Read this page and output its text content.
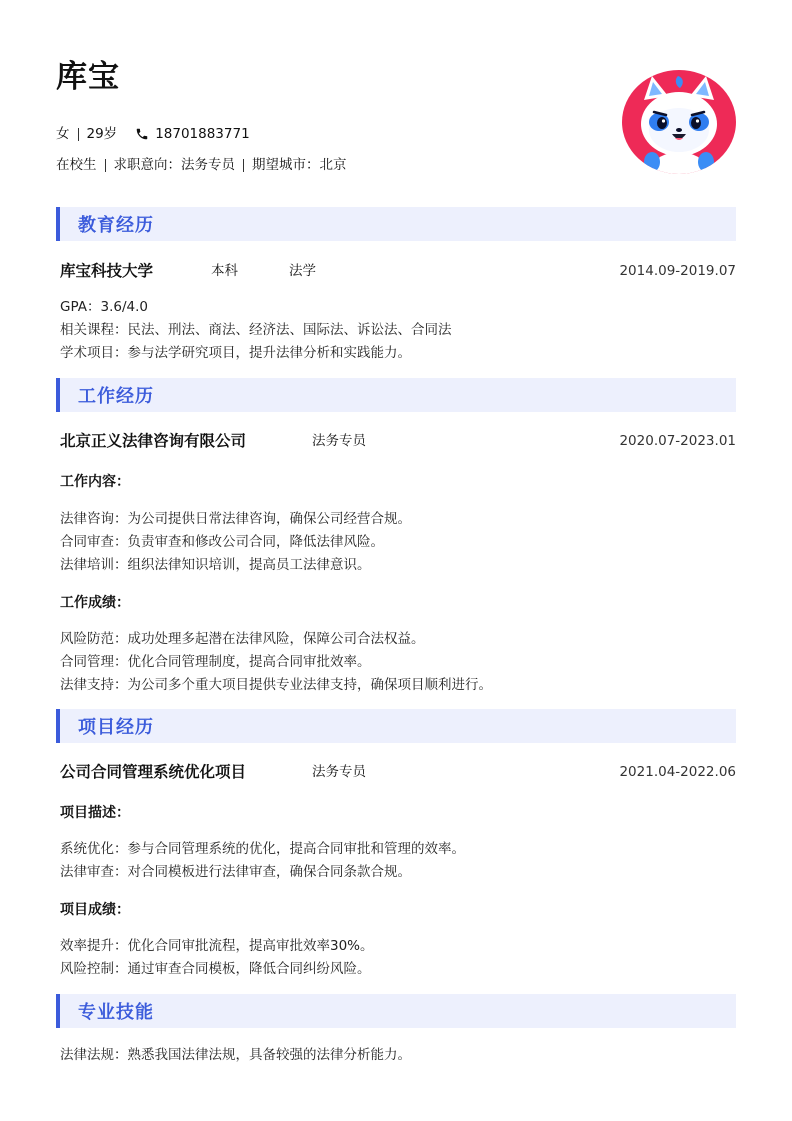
库宝
女 29岁	18701883771
在校生 求职意向：法务专员 期望城市：北京
教育经历
库宝科技大学	本科	法学	2014.09-2019.07
GPA：3.6/4.0
相关课程：民法、刑法、商法、经济法、国际法、诉讼法、合同法
学术项目：参与法学研究项目，提升法律分析和实践能力。
工作经历
北京正义法律咨询有限公司	法务专员	2020.07-2023.01
工作内容：
法律咨询：为公司提供日常法律咨询，确保公司经营合规。
合同审查：负责审查和修改公司合同，降低法律风险。
法律培训：组织法律知识培训，提高员工法律意识。
工作成绩：
风险防范：成功处理多起潜在法律风险，保障公司合法权益。
合同管理：优化合同管理制度，提高合同审批效率。
法律支持：为公司多个重大项目提供专业法律支持，确保项目顺利进行。
项目经历
公司合同管理系统优化项目	法务专员	2021.04-2022.06
项目描述：
系统优化：参与合同管理系统的优化，提高合同审批和管理的效率。
法律审查：对合同模板进行法律审查，确保合同条款合规。
项目成绩：
效率提升：优化合同审批流程，提高审批效率30%。
风险控制：通过审查合同模板，降低合同纠纷风险。
专业技能
法律法规：熟悉我国法律法规，具备较强的法律分析能力。
